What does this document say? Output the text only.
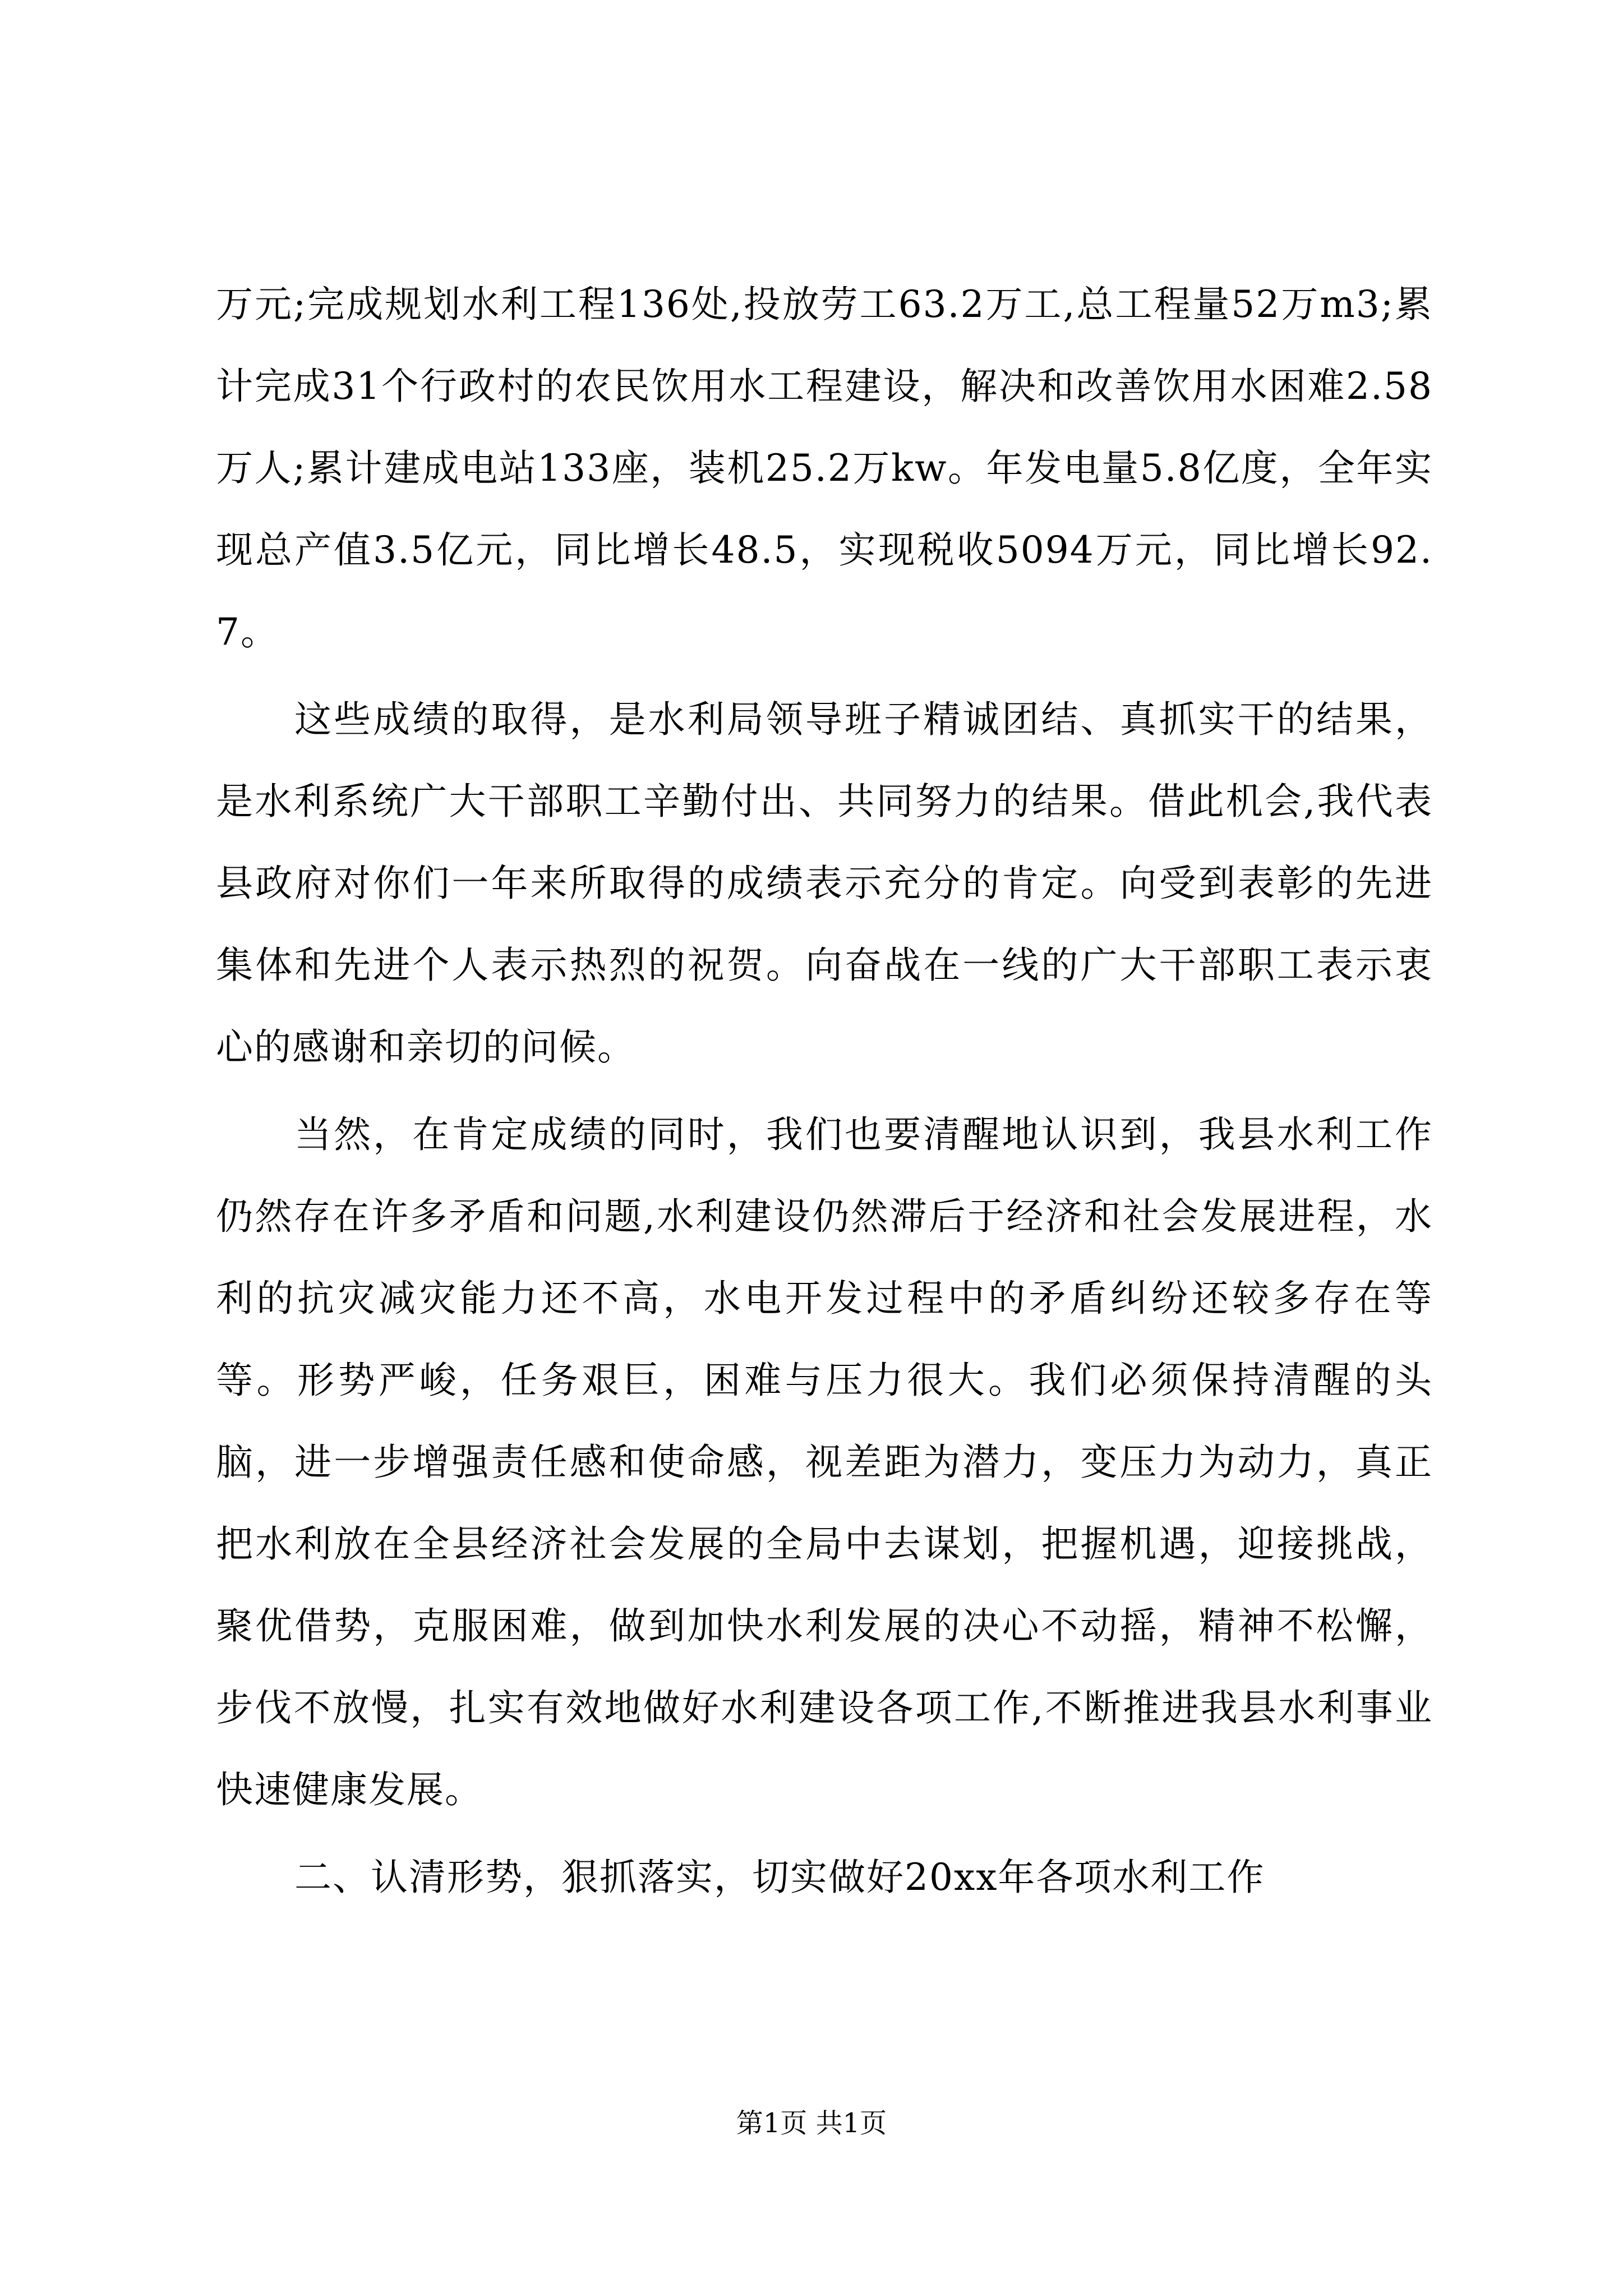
万元;完成规划水利工程136处,投放劳工63.2万工,总工程量52万m3;累计完成31个行政村的农民饮用水工程建设，解决和改善饮用水困难2.58万人;累计建成电站133座，装机25.2万kw。年发电量5.8亿度，全年实现总产值3.5亿元，同比增长48.5，实现税收5094万元，同比增长92.7。

这些成绩的取得，是水利局领导班子精诚团结、真抓实干的结果，是水利系统广大干部职工辛勤付出、共同努力的结果。借此机会,我代表县政府对你们一年来所取得的成绩表示充分的肯定。向受到表彰的先进集体和先进个人表示热烈的祝贺。向奋战在一线的广大干部职工表示衷心的感谢和亲切的问候。

当然，在肯定成绩的同时，我们也要清醒地认识到，我县水利工作仍然存在许多矛盾和问题,水利建设仍然滞后于经济和社会发展进程，水利的抗灾减灾能力还不高，水电开发过程中的矛盾纠纷还较多存在等等。形势严峻，任务艰巨，困难与压力很大。我们必须保持清醒的头脑，进一步增强责任感和使命感，视差距为潜力，变压力为动力，真正把水利放在全县经济社会发展的全局中去谋划，把握机遇，迎接挑战，聚优借势，克服困难，做到加快水利发展的决心不动摇，精神不松懈，步伐不放慢，扎实有效地做好水利建设各项工作,不断推进我县水利事业快速健康发展。

二、认清形势，狠抓落实，切实做好20xx年各项水利工作

第1页 共1页
